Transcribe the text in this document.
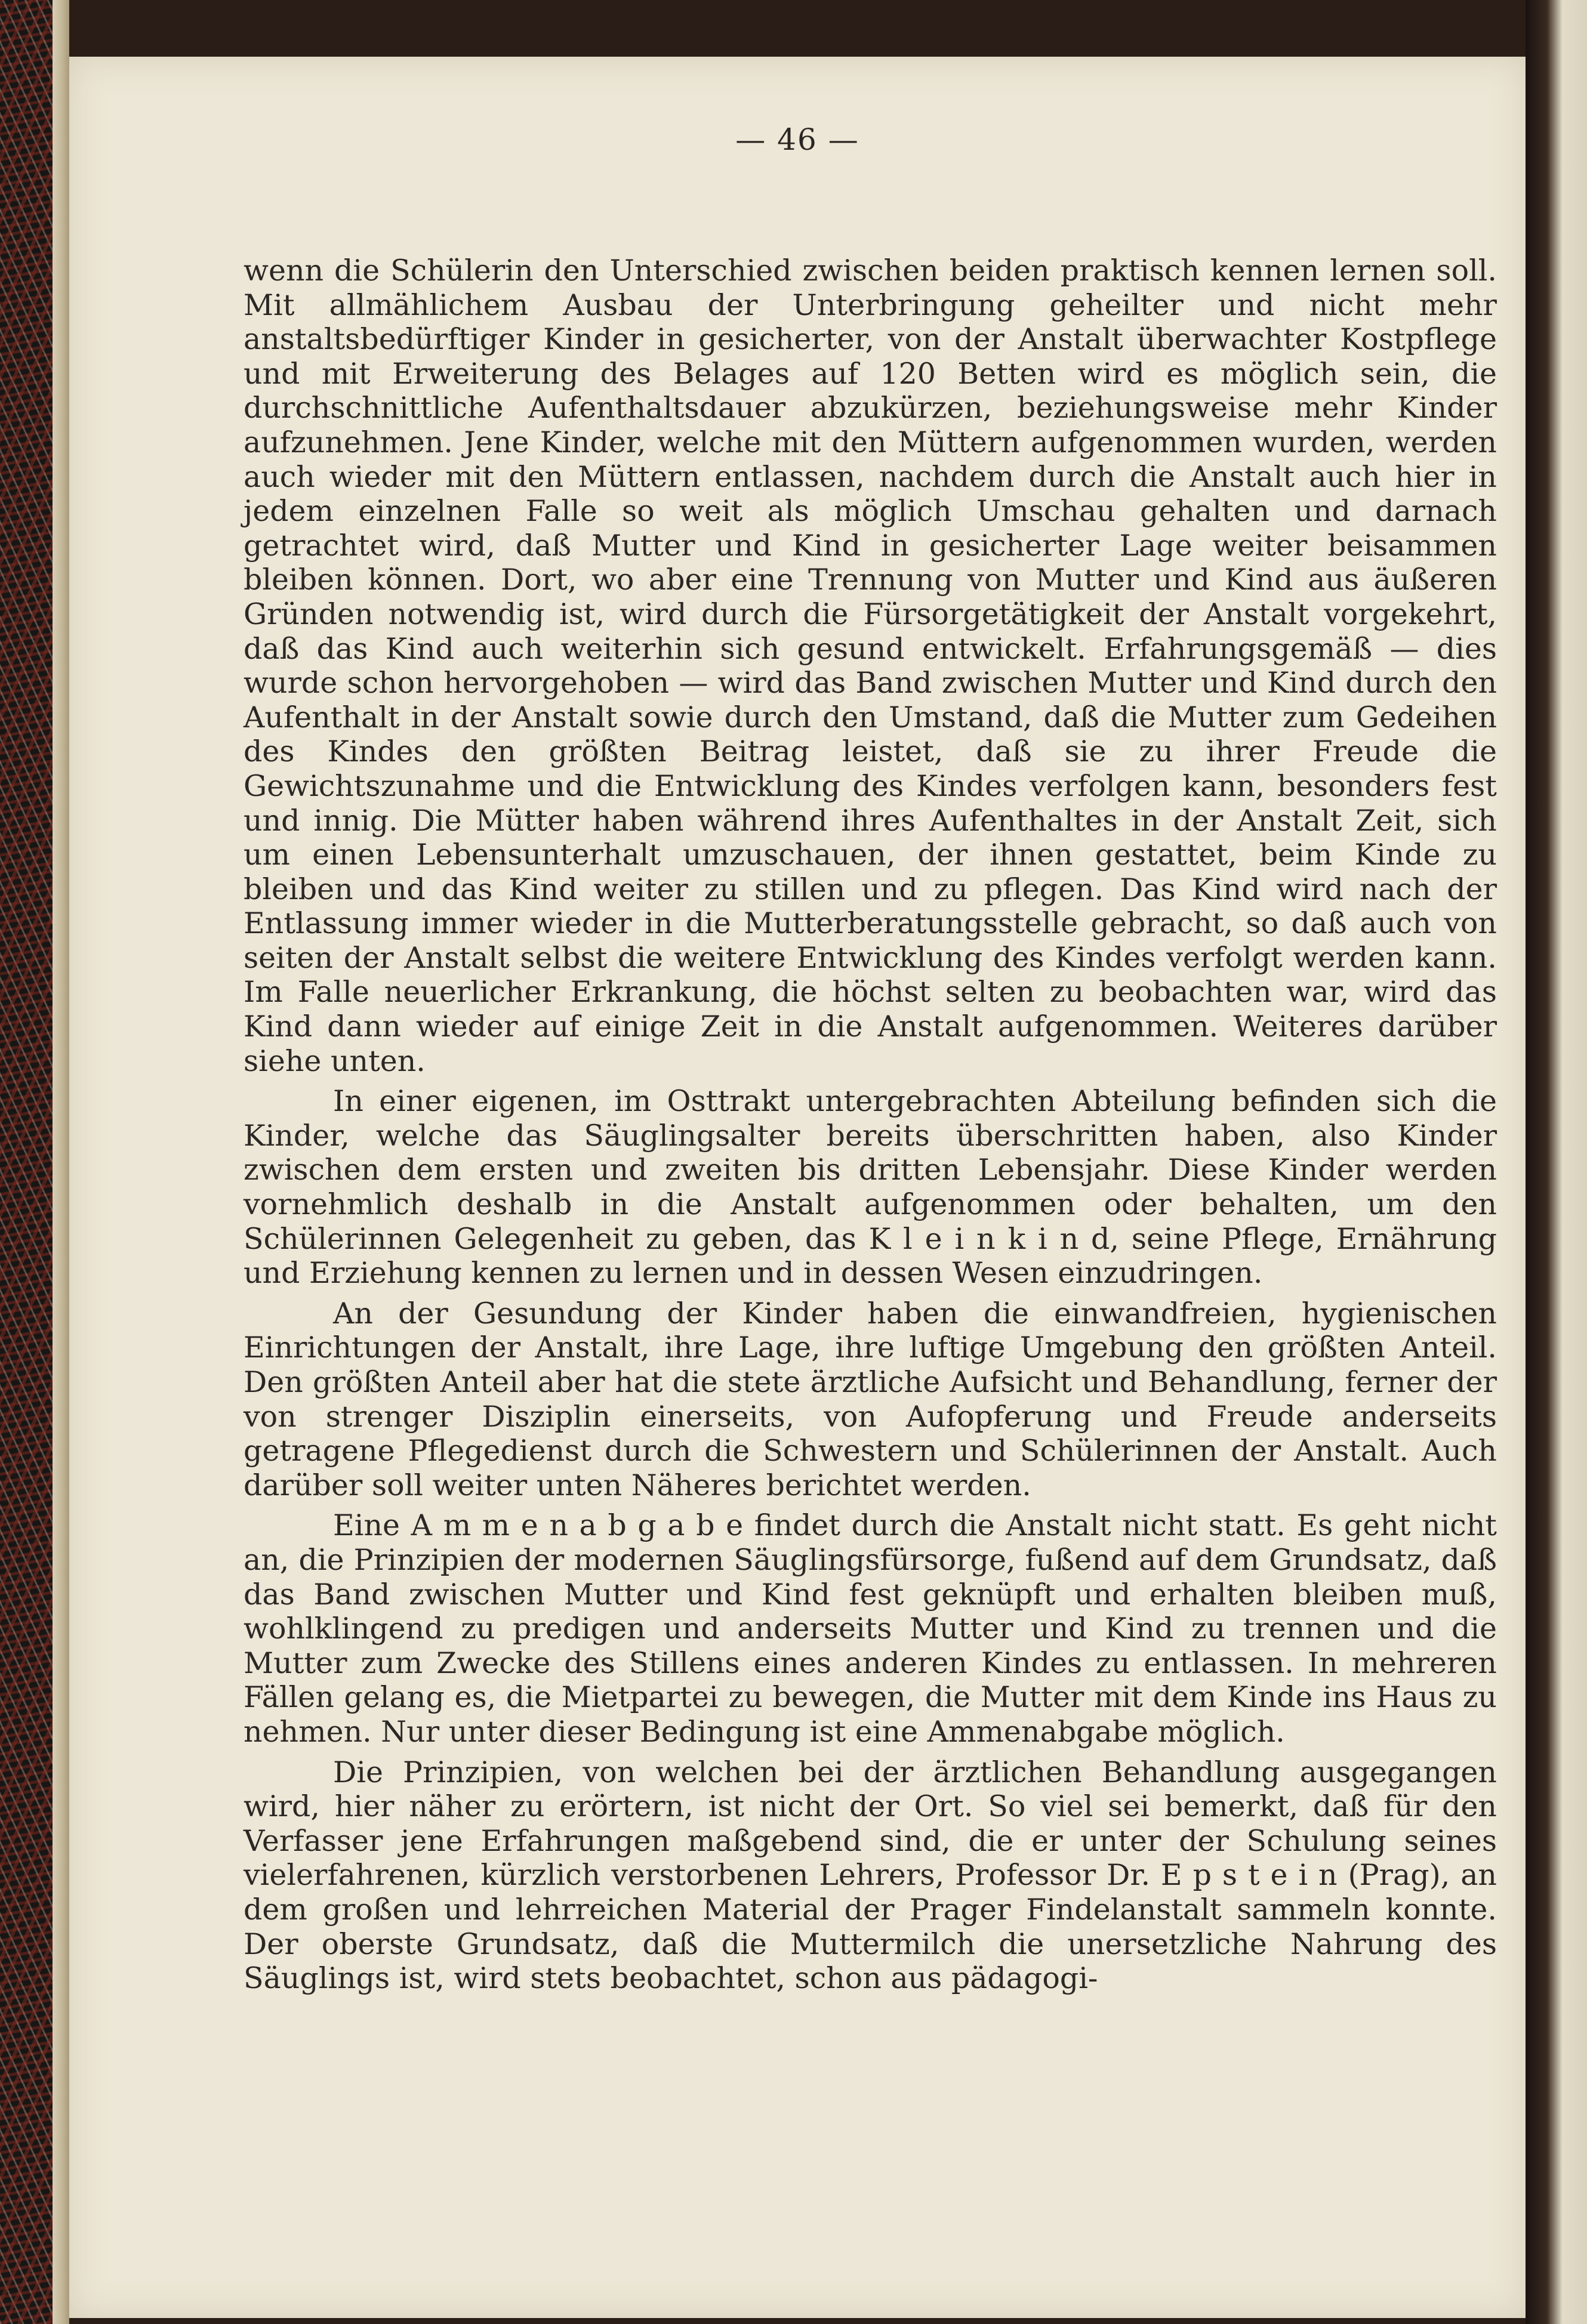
— 46 —

wenn die Schülerin den Unterschied zwischen beiden praktisch kennen lernen soll. Mit allmählichem Ausbau der Unterbringung geheilter und nicht mehr anstaltsbedürftiger Kinder in gesicherter, von der Anstalt überwachter Kostpflege und mit Erweiterung des Belages auf 120 Betten wird es möglich sein, die durchschnittliche Aufenthaltsdauer abzukürzen, beziehungsweise mehr Kinder aufzunehmen. Jene Kinder, welche mit den Müttern aufgenommen wurden, werden auch wieder mit den Müttern entlassen, nachdem durch die Anstalt auch hier in jedem einzelnen Falle so weit als möglich Umschau gehalten und darnach getrachtet wird, daß Mutter und Kind in gesicherter Lage weiter beisammen bleiben können. Dort, wo aber eine Trennung von Mutter und Kind aus äußeren Gründen notwendig ist, wird durch die Fürsorgetätigkeit der Anstalt vorgekehrt, daß das Kind auch weiterhin sich gesund entwickelt. Erfahrungsgemäß — dies wurde schon hervorgehoben — wird das Band zwischen Mutter und Kind durch den Aufenthalt in der Anstalt sowie durch den Umstand, daß die Mutter zum Gedeihen des Kindes den größten Beitrag leistet, daß sie zu ihrer Freude die Gewichtszunahme und die Entwicklung des Kindes verfolgen kann, besonders fest und innig. Die Mütter haben während ihres Aufenthaltes in der Anstalt Zeit, sich um einen Lebensunterhalt umzuschauen, der ihnen gestattet, beim Kinde zu bleiben und das Kind weiter zu stillen und zu pflegen. Das Kind wird nach der Entlassung immer wieder in die Mutterberatungsstelle gebracht, so daß auch von seiten der Anstalt selbst die weitere Entwicklung des Kindes verfolgt werden kann. Im Falle neuerlicher Erkrankung, die höchst selten zu beobachten war, wird das Kind dann wieder auf einige Zeit in die Anstalt aufgenommen. Weiteres darüber siehe unten.

In einer eigenen, im Osttrakt untergebrachten Abteilung befinden sich die Kinder, welche das Säuglingsalter bereits überschritten haben, also Kinder zwischen dem ersten und zweiten bis dritten Lebensjahr. Diese Kinder werden vornehmlich deshalb in die Anstalt aufgenommen oder behalten, um den Schülerinnen Gelegenheit zu geben, das K l e i n k i n d, seine Pflege, Ernährung und Erziehung kennen zu lernen und in dessen Wesen einzudringen.

An der Gesundung der Kinder haben die einwandfreien, hygienischen Einrichtungen der Anstalt, ihre Lage, ihre luftige Umgebung den größten Anteil. Den größten Anteil aber hat die stete ärztliche Aufsicht und Behandlung, ferner der von strenger Disziplin einerseits, von Aufopferung und Freude anderseits getragene Pflegedienst durch die Schwestern und Schülerinnen der Anstalt. Auch darüber soll weiter unten Näheres berichtet werden.

Eine A m m e n a b g a b e findet durch die Anstalt nicht statt. Es geht nicht an, die Prinzipien der modernen Säuglingsfürsorge, fußend auf dem Grundsatz, daß das Band zwischen Mutter und Kind fest geknüpft und erhalten bleiben muß, wohlklingend zu predigen und anderseits Mutter und Kind zu trennen und die Mutter zum Zwecke des Stillens eines anderen Kindes zu entlassen. In mehreren Fällen gelang es, die Mietpartei zu bewegen, die Mutter mit dem Kinde ins Haus zu nehmen. Nur unter dieser Bedingung ist eine Ammenabgabe möglich.

Die Prinzipien, von welchen bei der ärztlichen Behandlung ausgegangen wird, hier näher zu erörtern, ist nicht der Ort. So viel sei bemerkt, daß für den Verfasser jene Erfahrungen maßgebend sind, die er unter der Schulung seines vielerfahrenen, kürzlich verstorbenen Lehrers, Professor Dr. E p s t e i n (Prag), an dem großen und lehrreichen Material der Prager Findelanstalt sammeln konnte. Der oberste Grundsatz, daß die Muttermilch die unersetzliche Nahrung des Säuglings ist, wird stets beobachtet, schon aus pädagogi-
